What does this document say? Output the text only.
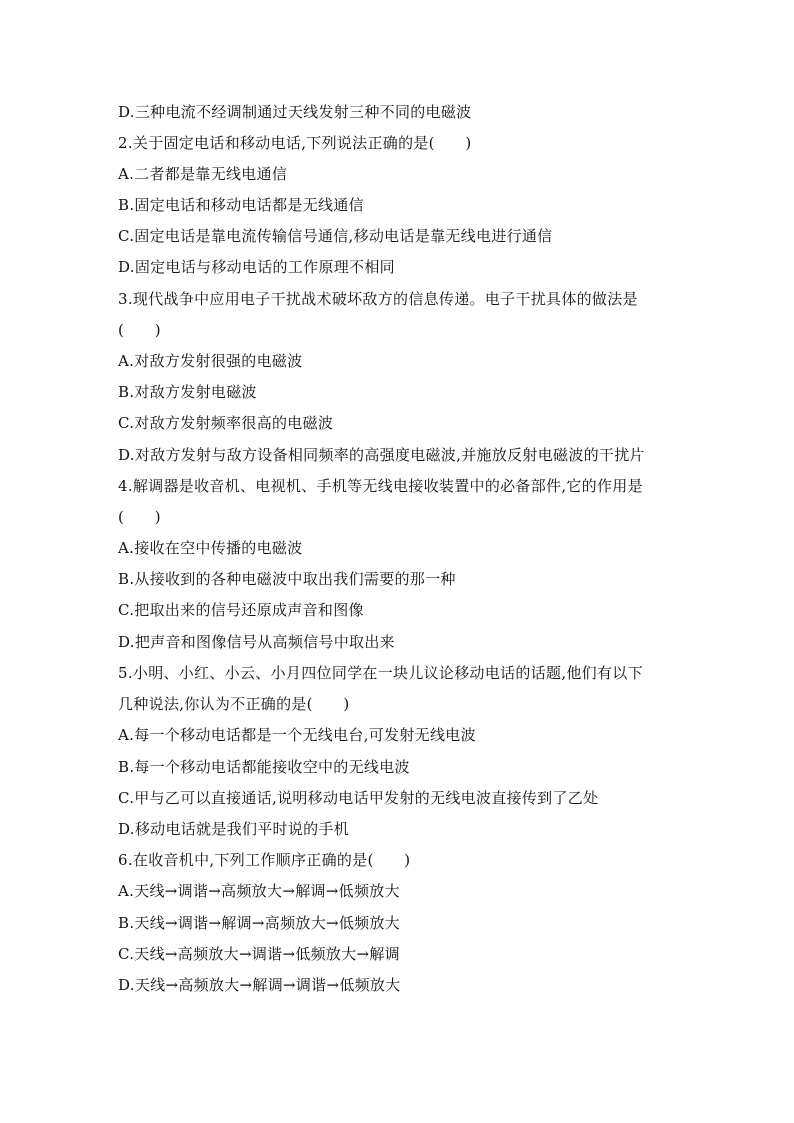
D.三种电流不经调制通过天线发射三种不同的电磁波
2.关于固定电话和移动电话,下列说法正确的是(　　)
A.二者都是靠无线电通信
B.固定电话和移动电话都是无线通信
C.固定电话是靠电流传输信号通信,移动电话是靠无线电进行通信
D.固定电话与移动电话的工作原理不相同
3.现代战争中应用电子干扰战术破坏敌方的信息传递。电子干扰具体的做法是
(　　)
A.对敌方发射很强的电磁波
B.对敌方发射电磁波
C.对敌方发射频率很高的电磁波
D.对敌方发射与敌方设备相同频率的高强度电磁波,并施放反射电磁波的干扰片
4.解调器是收音机、电视机、手机等无线电接收装置中的必备部件,它的作用是
(　　)
A.接收在空中传播的电磁波
B.从接收到的各种电磁波中取出我们需要的那一种
C.把取出来的信号还原成声音和图像
D.把声音和图像信号从高频信号中取出来
5.小明、小红、小云、小月四位同学在一块儿议论移动电话的话题,他们有以下
几种说法,你认为不正确的是(　　)
A.每一个移动电话都是一个无线电台,可发射无线电波
B.每一个移动电话都能接收空中的无线电波
C.甲与乙可以直接通话,说明移动电话甲发射的无线电波直接传到了乙处
D.移动电话就是我们平时说的手机
6.在收音机中,下列工作顺序正确的是(　　)
A.天线→调谐→高频放大→解调→低频放大
B.天线→调谐→解调→高频放大→低频放大
C.天线→高频放大→调谐→低频放大→解调
D.天线→高频放大→解调→调谐→低频放大
